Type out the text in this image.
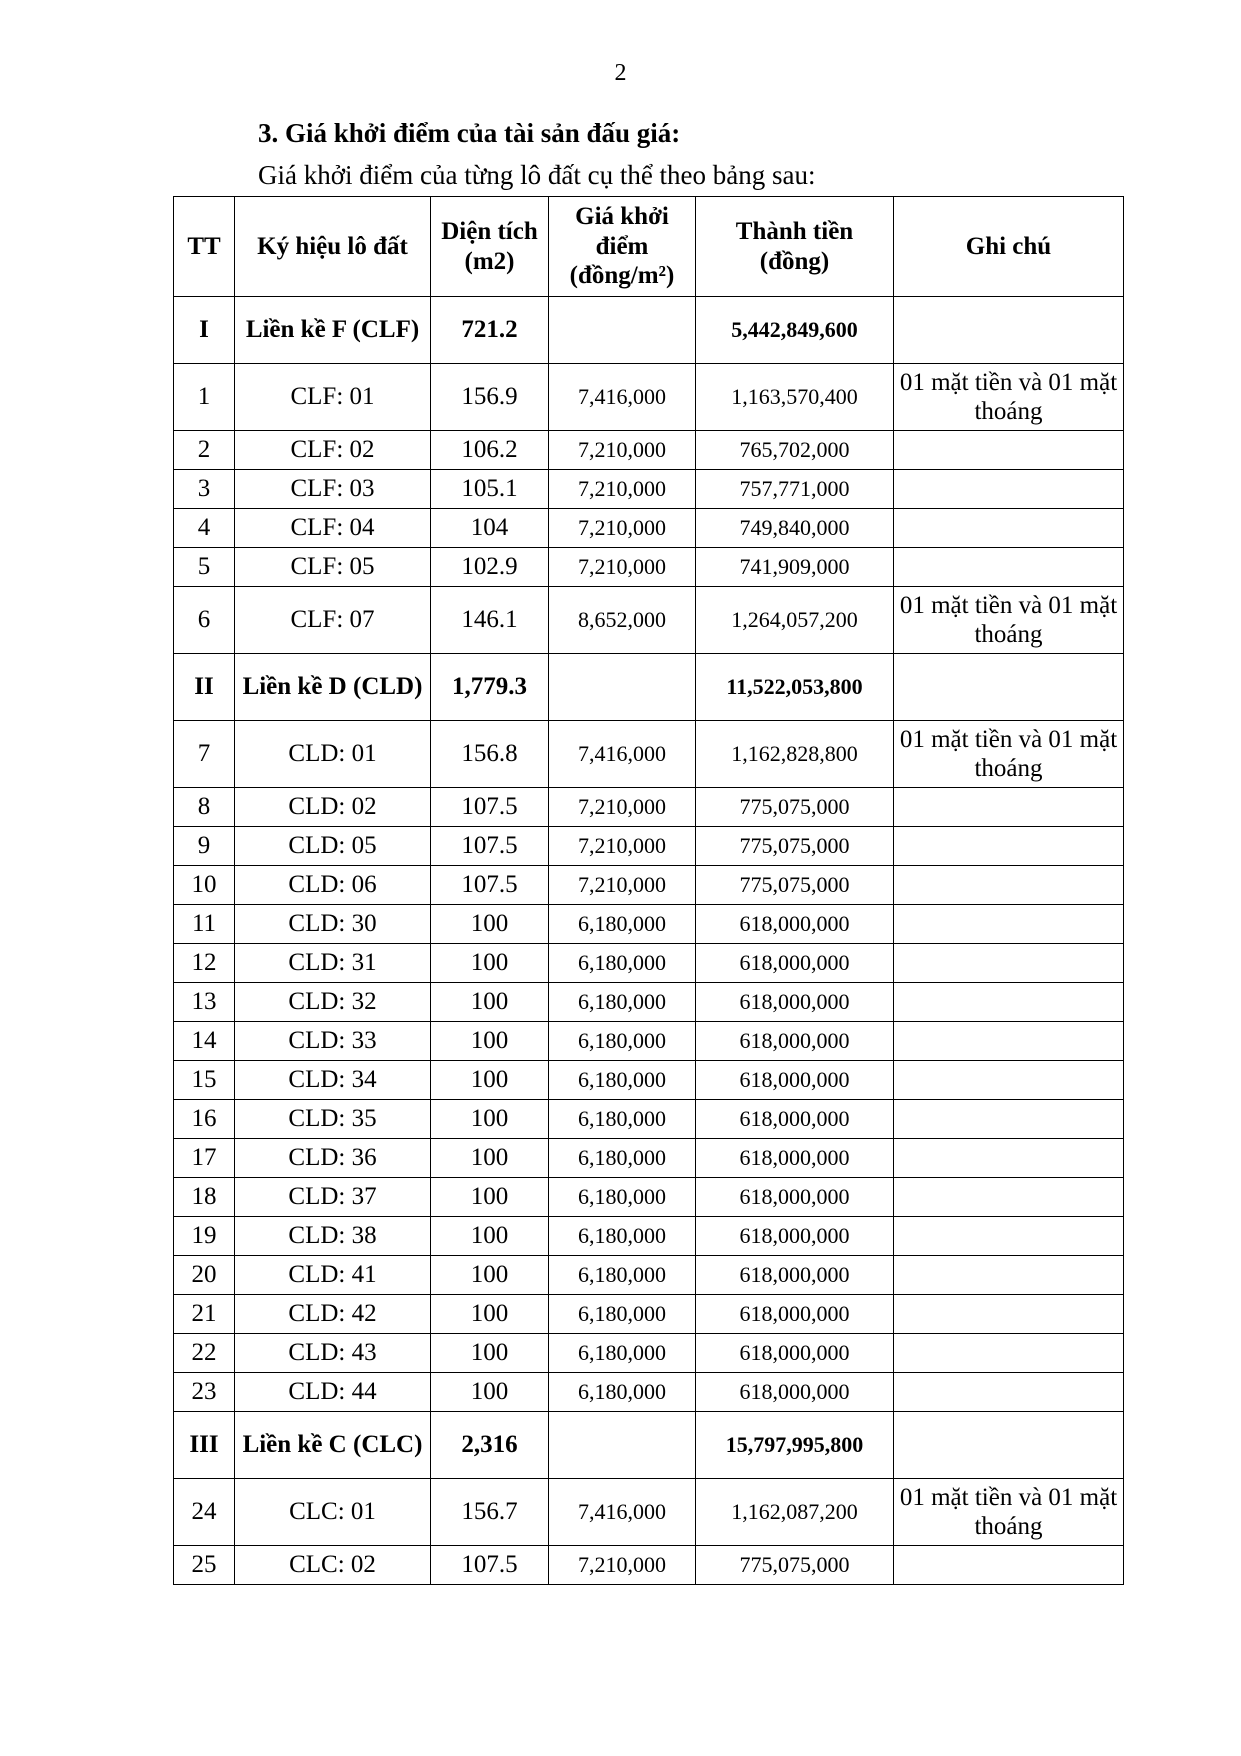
2
3. Giá khởi điểm của tài sản đấu giá:
Giá khởi điểm của từng lô đất cụ thể theo bảng sau:
TT	Ký hiệu lô đất	Diện tích (m2)	Giá khởi điểm (đồng/m²)	Thành tiền (đồng)	Ghi chú
I	Liền kề F (CLF)	721.2		5,442,849,600	
1	CLF: 01	156.9	7,416,000	1,163,570,400	01 mặt tiền và 01 mặt thoáng
2	CLF: 02	106.2	7,210,000	765,702,000	
3	CLF: 03	105.1	7,210,000	757,771,000	
4	CLF: 04	104	7,210,000	749,840,000	
5	CLF: 05	102.9	7,210,000	741,909,000	
6	CLF: 07	146.1	8,652,000	1,264,057,200	01 mặt tiền và 01 mặt thoáng
II	Liền kề D (CLD)	1,779.3		11,522,053,800	
7	CLD: 01	156.8	7,416,000	1,162,828,800	01 mặt tiền và 01 mặt thoáng
8	CLD: 02	107.5	7,210,000	775,075,000	
9	CLD: 05	107.5	7,210,000	775,075,000	
10	CLD: 06	107.5	7,210,000	775,075,000	
11	CLD: 30	100	6,180,000	618,000,000	
12	CLD: 31	100	6,180,000	618,000,000	
13	CLD: 32	100	6,180,000	618,000,000	
14	CLD: 33	100	6,180,000	618,000,000	
15	CLD: 34	100	6,180,000	618,000,000	
16	CLD: 35	100	6,180,000	618,000,000	
17	CLD: 36	100	6,180,000	618,000,000	
18	CLD: 37	100	6,180,000	618,000,000	
19	CLD: 38	100	6,180,000	618,000,000	
20	CLD: 41	100	6,180,000	618,000,000	
21	CLD: 42	100	6,180,000	618,000,000	
22	CLD: 43	100	6,180,000	618,000,000	
23	CLD: 44	100	6,180,000	618,000,000	
III	Liền kề C (CLC)	2,316		15,797,995,800	
24	CLC: 01	156.7	7,416,000	1,162,087,200	01 mặt tiền và 01 mặt thoáng
25	CLC: 02	107.5	7,210,000	775,075,000	
